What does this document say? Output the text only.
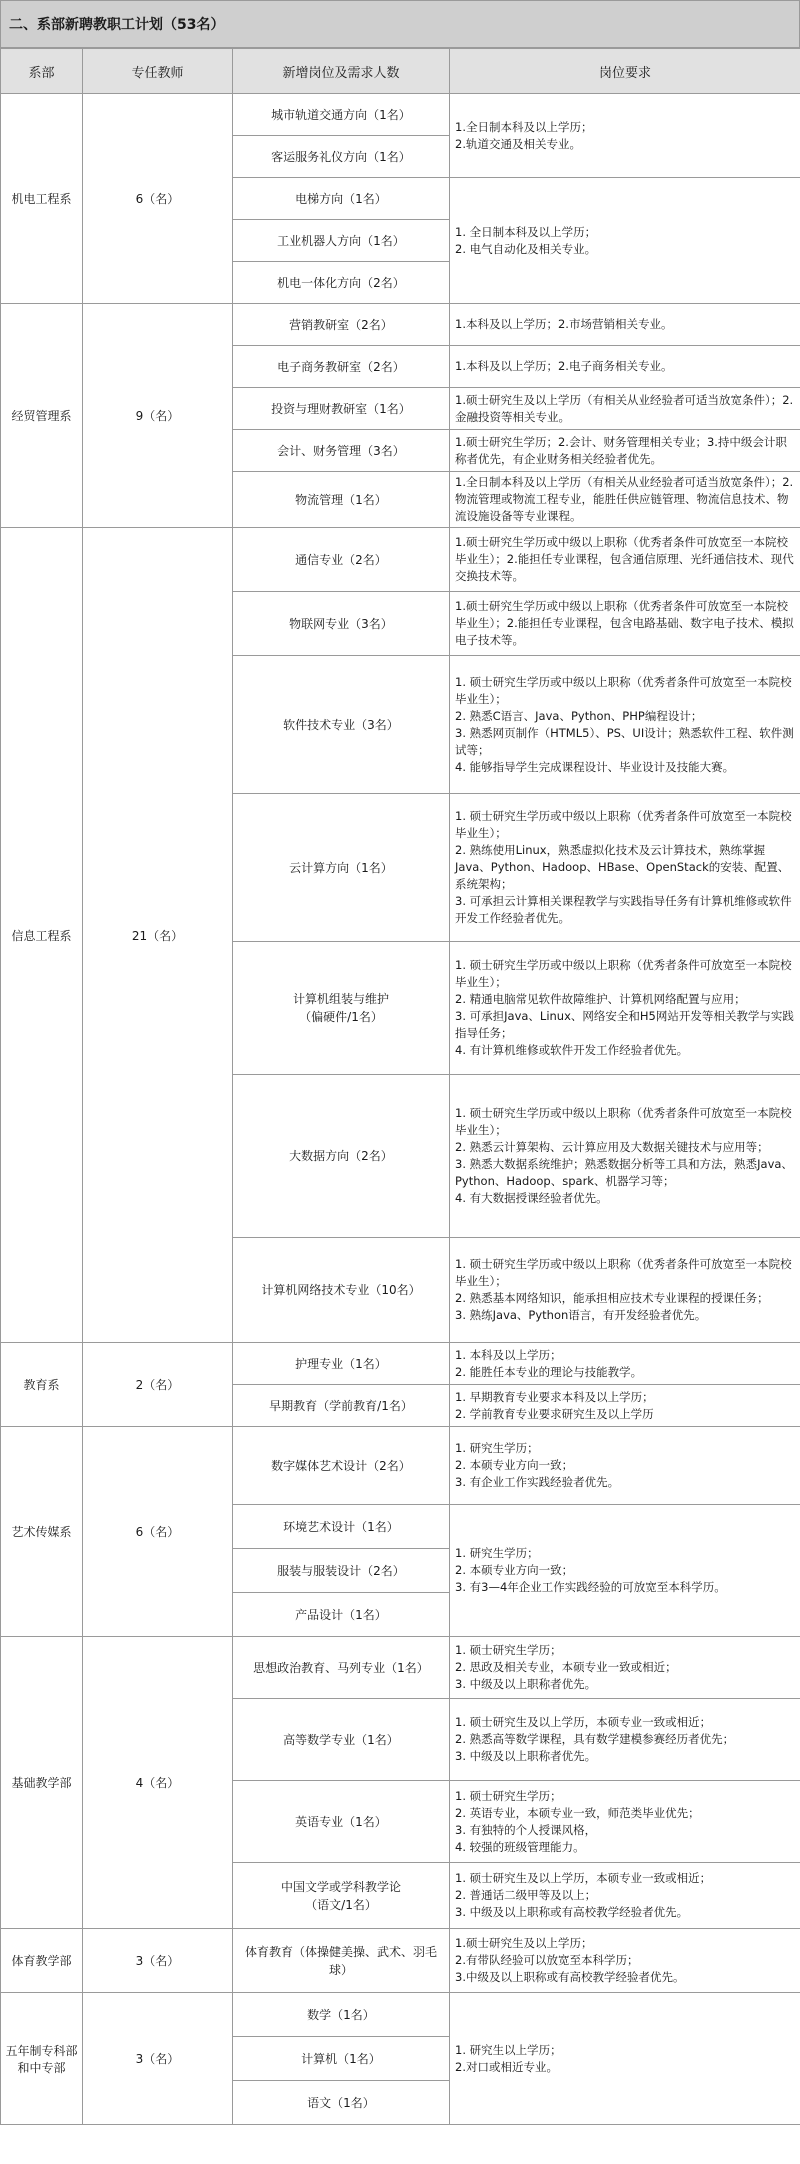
二、系部新聘教职工计划（53名）
系部	专任教师	新增岗位及需求人数	岗位要求
机电工程系	6（名）	城市轨道交通方向（1名）	1.全日制本科及以上学历；
2.轨道交通及相关专业。
		客运服务礼仪方向（1名）	
		电梯方向（1名）	1. 全日制本科及以上学历；
2. 电气自动化及相关专业。
		工业机器人方向（1名）	
		机电一体化方向（2名）	
经贸管理系	9（名）	营销教研室（2名）	1.本科及以上学历；2.市场营销相关专业。
		电子商务教研室（2名）	1.本科及以上学历；2.电子商务相关专业。
		投资与理财教研室（1名）	1.硕士研究生及以上学历（有相关从业经验者可适当放宽条件）；2.金融投资等相关专业。
		会计、财务管理（3名）	1.硕士研究生学历；2.会计、财务管理相关专业；3.持中级会计职称者优先，有企业财务相关经验者优先。
		物流管理（1名）	1.全日制本科及以上学历（有相关从业经验者可适当放宽条件）；2.物流管理或物流工程专业，能胜任供应链管理、物流信息技术、物流设施设备等专业课程。
信息工程系	21（名）	通信专业（2名）	1.硕士研究生学历或中级以上职称（优秀者条件可放宽至一本院校毕业生）；2.能担任专业课程，包含通信原理、光纤通信技术、现代交换技术等。
		物联网专业（3名）	1.硕士研究生学历或中级以上职称（优秀者条件可放宽至一本院校毕业生）；2.能担任专业课程，包含电路基础、数字电子技术、模拟电子技术等。
		软件技术专业（3名）	1. 硕士研究生学历或中级以上职称（优秀者条件可放宽至一本院校毕业生）；
2. 熟悉C语言、Java、Python、PHP编程设计；
3. 熟悉网页制作（HTML5）、PS、UI设计；熟悉软件工程、软件测试等；
4. 能够指导学生完成课程设计、毕业设计及技能大赛。
		云计算方向（1名）	1. 硕士研究生学历或中级以上职称（优秀者条件可放宽至一本院校毕业生）；
2. 熟练使用Linux，熟悉虚拟化技术及云计算技术，熟练掌握Java、Python、Hadoop、HBase、OpenStack的安装、配置、系统架构；
3. 可承担云计算相关课程教学与实践指导任务有计算机维修或软件开发工作经验者优先。
		计算机组装与维护
（偏硬件/1名）	1. 硕士研究生学历或中级以上职称（优秀者条件可放宽至一本院校毕业生）；
2. 精通电脑常见软件故障维护、计算机网络配置与应用；
3. 可承担Java、Linux、网络安全和H5网站开发等相关教学与实践指导任务；
4. 有计算机维修或软件开发工作经验者优先。
		大数据方向（2名）	1. 硕士研究生学历或中级以上职称（优秀者条件可放宽至一本院校毕业生）；
2. 熟悉云计算架构、云计算应用及大数据关键技术与应用等；
3. 熟悉大数据系统维护；熟悉数据分析等工具和方法，熟悉Java、Python、Hadoop、spark、机器学习等；
4. 有大数据授课经验者优先。
		计算机网络技术专业（10名）	1. 硕士研究生学历或中级以上职称（优秀者条件可放宽至一本院校毕业生）；
2. 熟悉基本网络知识，能承担相应技术专业课程的授课任务；
3. 熟练Java、Python语言，有开发经验者优先。
教育系	2（名）	护理专业（1名）	1. 本科及以上学历；
2. 能胜任本专业的理论与技能教学。
		早期教育（学前教育/1名）	1. 早期教育专业要求本科及以上学历；
2. 学前教育专业要求研究生及以上学历
艺术传媒系	6（名）	数字媒体艺术设计（2名）	1. 研究生学历；
2. 本硕专业方向一致；
3. 有企业工作实践经验者优先。
		环境艺术设计（1名）	1. 研究生学历；
2. 本硕专业方向一致；
3. 有3—4年企业工作实践经验的可放宽至本科学历。
		服装与服装设计（2名）	
		产品设计（1名）	
基础教学部	4（名）	思想政治教育、马列专业（1名）	1. 硕士研究生学历；
2. 思政及相关专业，本硕专业一致或相近；
3. 中级及以上职称者优先。
		高等数学专业（1名）	1. 硕士研究生及以上学历，本硕专业一致或相近；
2. 熟悉高等数学课程，具有数学建模参赛经历者优先；
3. 中级及以上职称者优先。
		英语专业（1名）	1. 硕士研究生学历；
2. 英语专业，本硕专业一致，师范类毕业优先；
3. 有独特的个人授课风格，
4. 较强的班级管理能力。
		中国文学或学科教学论
（语文/1名）	1. 硕士研究生及以上学历，本硕专业一致或相近；
2. 普通话二级甲等及以上；
3. 中级及以上职称或有高校教学经验者优先。
体育教学部	3（名）	体育教育（体操健美操、武术、羽毛球）	1.硕士研究生及以上学历；
2.有带队经验可以放宽至本科学历；
3.中级及以上职称或有高校教学经验者优先。
五年制专科部和中专部	3（名）	数学（1名）	1. 研究生以上学历；
2.对口或相近专业。
		计算机（1名）	
		语文（1名）	
